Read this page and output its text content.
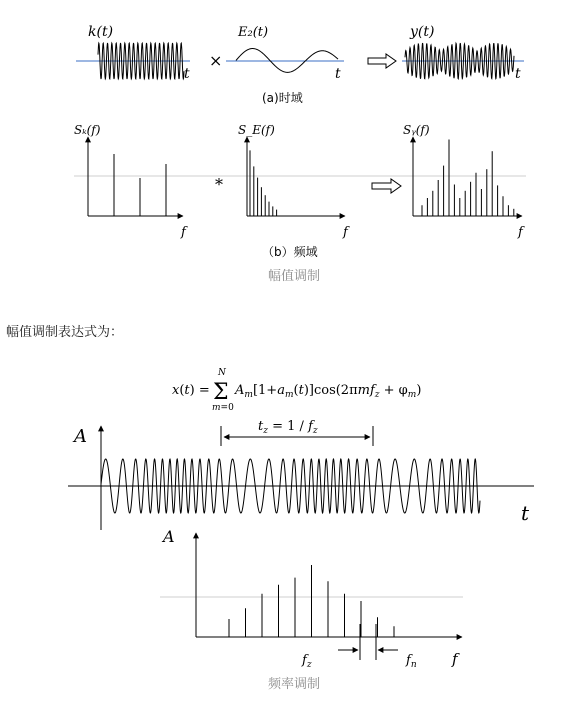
k(t)
t
×
E₂(t)
t
y(t)
t
(a)时域
Sₖ(f)
f
*
S_E(f)
f
Sᵧ(f)
f
（b）频域
幅值调制
x(t) = Σ
N
m=0
$A_m[1+a_m(t)]\cos(2\pi mf_z + \varphi_m)$
A
t
$t_z = 1 / f_z$
A
$f_z$	$f_n$ f
频率调制

幅值调制表达式为：
